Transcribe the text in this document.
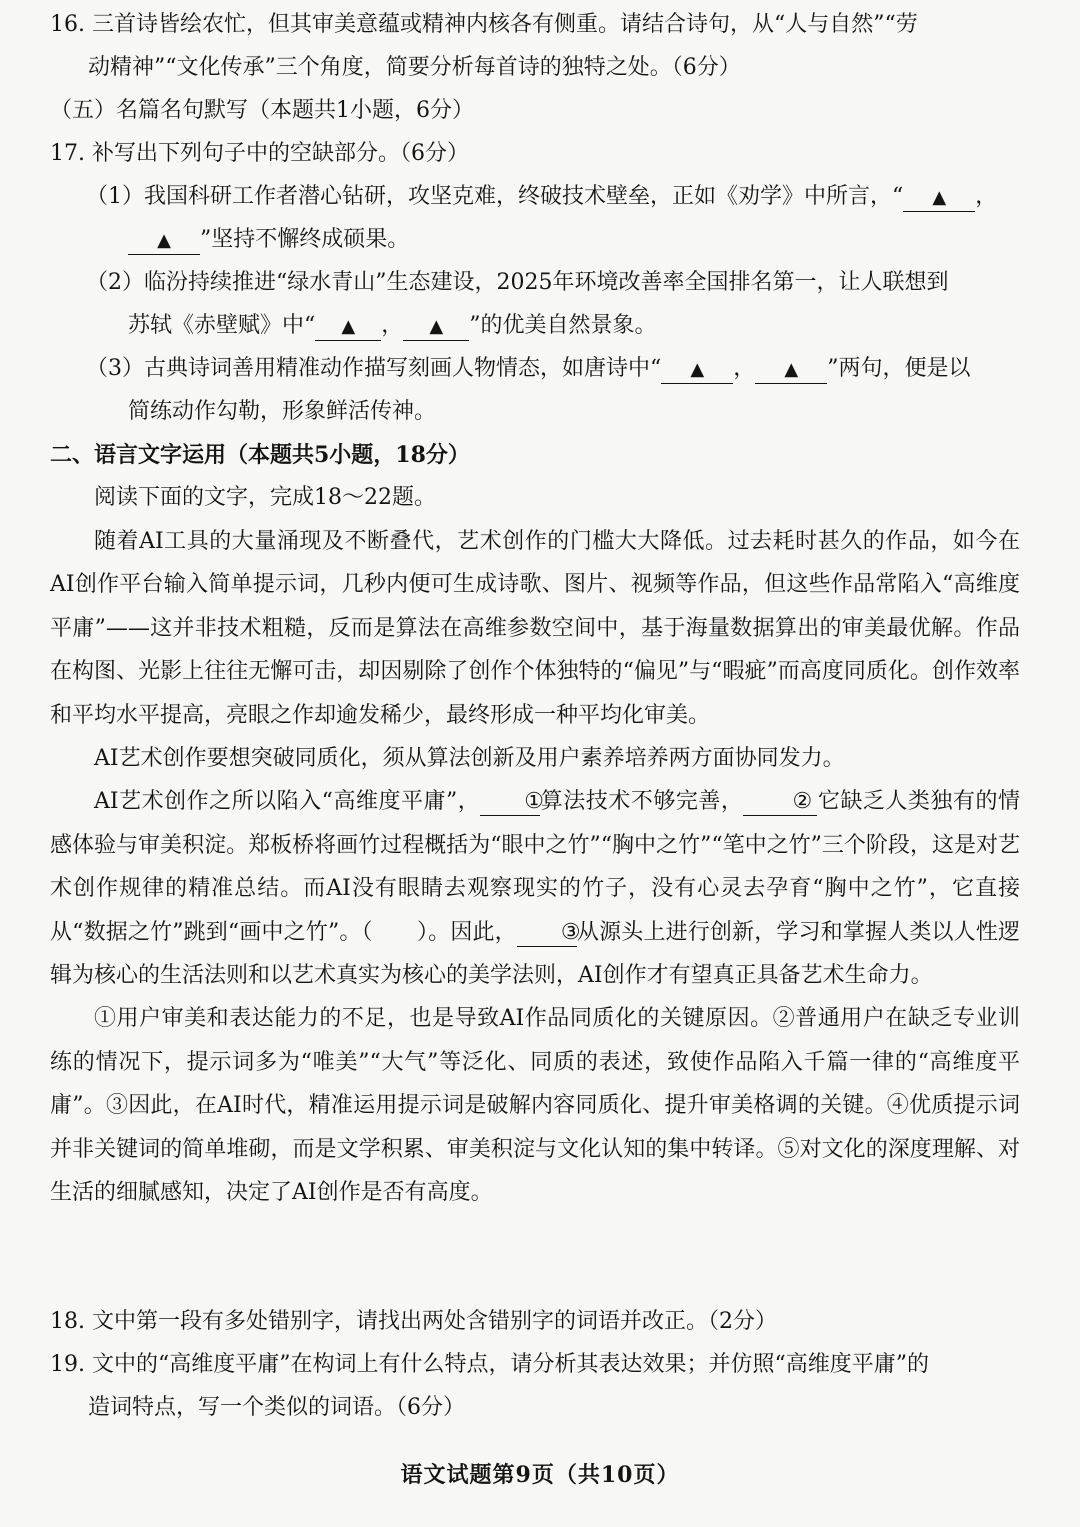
16. 三首诗皆绘农忙，但其审美意蕴或精神内核各有侧重。请结合诗句，从“人与自然”“劳
动精神”“文化传承”三个角度，简要分析每首诗的独特之处。（6分）
（五）名篇名句默写（本题共1小题，6分）
17. 补写出下列句子中的空缺部分。（6分）
（1）我国科研工作者潜心钻研，攻坚克难，终破技术壁垒，正如《劝学》中所言，“ ▲ ，
▲ ”坚持不懈终成硕果。
（2）临汾持续推进“绿水青山”生态建设，2025年环境改善率全国排名第一，让人联想到
苏轼《赤壁赋》中“ ▲ ， ▲ ”的优美自然景象。
（3）古典诗词善用精准动作描写刻画人物情态，如唐诗中“ ▲ ， ▲ ”两句，便是以
简练动作勾勒，形象鲜活传神。
二、语言文字运用（本题共5小题，18分）
阅读下面的文字，完成18～22题。

随着AI工具的大量涌现及不断叠代，艺术创作的门槛大大降低。过去耗时甚久的作品，如今在AI创作平台输入简单提示词，几秒内便可生成诗歌、图片、视频等作品，但这些作品常陷入“高维度平庸”——这并非技术粗糙，反而是算法在高维参数空间中，基于海量数据算出的审美最优解。作品在构图、光影上往往无懈可击，却因剔除了创作个体独特的“偏见”与“暇疵”而高度同质化。创作效率和平均水平提高，亮眼之作却逾发稀少，最终形成一种平均化审美。

AI艺术创作要想突破同质化，须从算法创新及用户素养培养两方面协同发力。

AI艺术创作之所以陷入“高维度平庸”， ①算法技术不够完善， ② 它缺乏人类独有的情感体验与审美积淀。郑板桥将画竹过程概括为“眼中之竹”“胸中之竹”“笔中之竹”三个阶段，这是对艺术创作规律的精准总结。而AI没有眼睛去观察现实的竹子，没有心灵去孕育“胸中之竹”，它直接从“数据之竹”跳到“画中之竹”。（　　）。因此， ③从源头上进行创新，学习和掌握人类以人性逻辑为核心的生活法则和以艺术真实为核心的美学法则，AI创作才有望真正具备艺术生命力。

①用户审美和表达能力的不足，也是导致AI作品同质化的关键原因。②普通用户在缺乏专业训练的情况下，提示词多为“唯美”“大气”等泛化、同质的表述，致使作品陷入千篇一律的“高维度平庸”。③因此，在AI时代，精准运用提示词是破解内容同质化、提升审美格调的关键。④优质提示词并非关键词的简单堆砌，而是文学积累、审美积淀与文化认知的集中转译。⑤对文化的深度理解、对生活的细腻感知，决定了AI创作是否有高度。

18. 文中第一段有多处错别字，请找出两处含错别字的词语并改正。（2分）
19. 文中的“高维度平庸”在构词上有什么特点，请分析其表达效果；并仿照“高维度平庸”的
造词特点，写一个类似的词语。（6分）
语文试题第9页（共10页）
